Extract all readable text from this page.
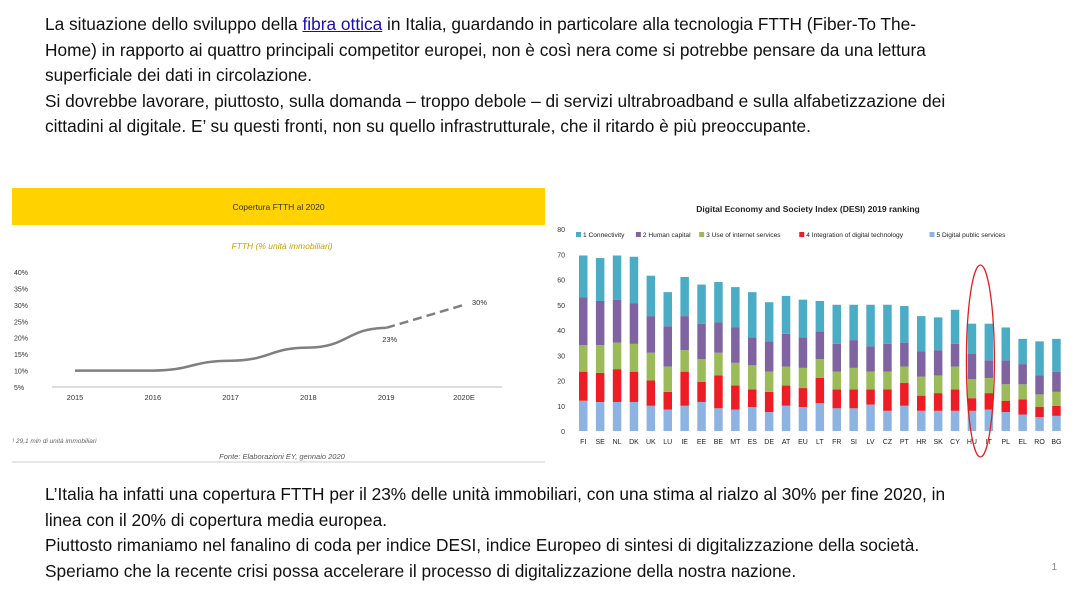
La situazione dello sviluppo della fibra ottica in Italia, guardando in particolare alla tecnologia FTTH (Fiber-To The-
Home) in rapporto ai quattro principali competitor europei, non è così nera come si potrebbe pensare da una lettura
superficiale dei dati in circolazione.
Si dovrebbe lavorare, piuttosto, sulla domanda – troppo debole – di servizi ultrabroadband e sulla alfabetizzazione dei
cittadini al digitale. E’ su questi fronti, non su quello infrastrutturale, che il ritardo è più preoccupante.
Copertura FTTH al 2020
FTTH (% unità immobiliari)
5%
10%
15%
20%
25%
30%
35%
40%
2015	2016	2017	2018	2019	2020E
23%
30%
¹ 29,1 mln di unità immobiliari
Fonte: Elaborazioni EY, gennaio 2020
Digital Economy and Society Index (DESI) 2019 ranking
0
10
20
30
40
50
60
70
80
1 Connectivity	2 Human capital 3 Use of internet services	4 Integration of digital technology	5 Digital public services
FI SE NL DK UK LU IE EE BE MT ES DE AT EU LT FR SI LV CZ PT HR SK CY HU IT PL EL RO BG
L’Italia ha infatti una copertura FTTH per il 23% delle unità immobiliari, con una stima al rialzo al 30% per fine 2020, in
linea con il 20% di copertura media europea.
Piuttosto rimaniamo nel fanalino di coda per indice DESI, indice Europeo di sintesi di digitalizzazione della società.
Speriamo che la recente crisi possa accelerare il processo di digitalizzazione della nostra nazione.	1
